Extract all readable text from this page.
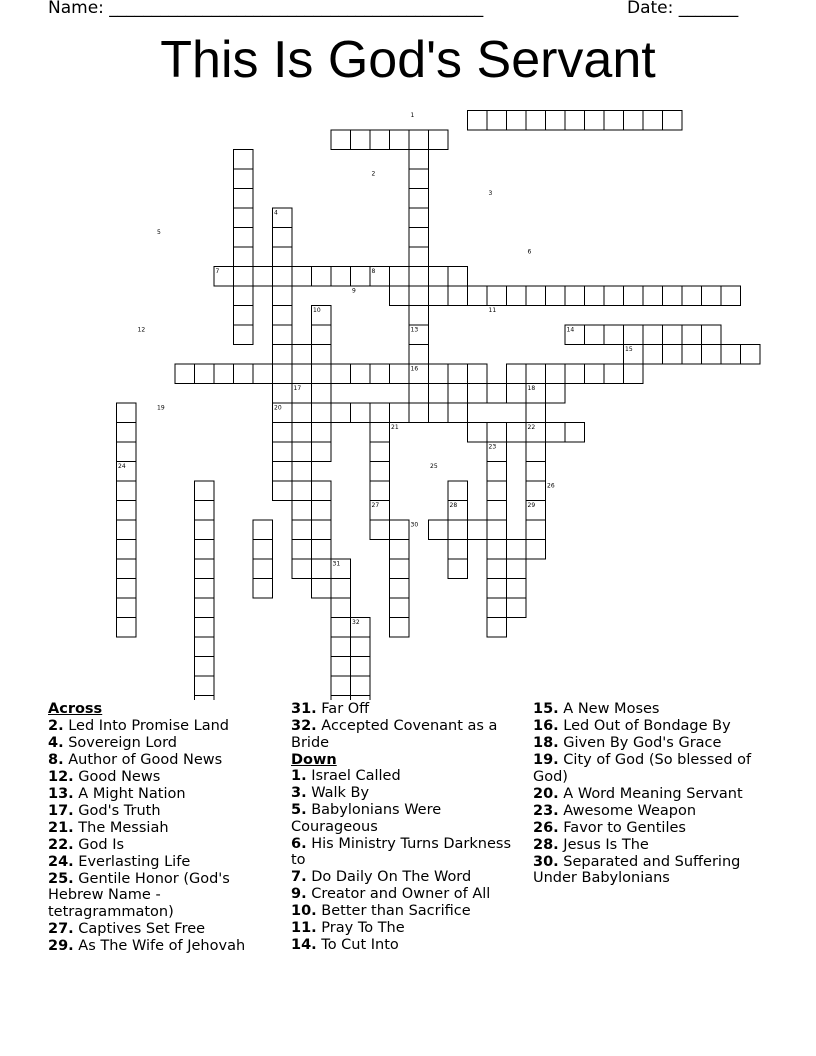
Name: ____________________________________________	Date: _______
This Is God's Servant
1
2
3
4
5
6
7	8
9
10	11
12	13	14
15
16
17	18
19	20
21	22
23
24	25
26
27	28	29
30
31
32
Across
2. Led Into Promise Land
4. Sovereign Lord
8. Author of Good News
12. Good News
13. A Might Nation
17. God's Truth
21. The Messiah
22. God Is
24. Everlasting Life
25. Gentile Honor (God's Hebrew Name -tetragrammaton)
27. Captives Set Free
29. As The Wife of Jehovah
31. Far Off
32. Accepted Covenant as a Bride
Down
1. Israel Called
3. Walk By
5. Babylonians Were Courageous
6. His Ministry Turns Darkness to
7. Do Daily On The Word
9. Creator and Owner of All
10. Better than Sacrifice
11. Pray To The
14. To Cut Into
15. A New Moses
16. Led Out of Bondage By
18. Given By God's Grace
19. City of God (So blessed of God)
20. A Word Meaning Servant
23. Awesome Weapon
26. Favor to Gentiles
28. Jesus Is The
30. Separated and Suffering Under Babylonians
